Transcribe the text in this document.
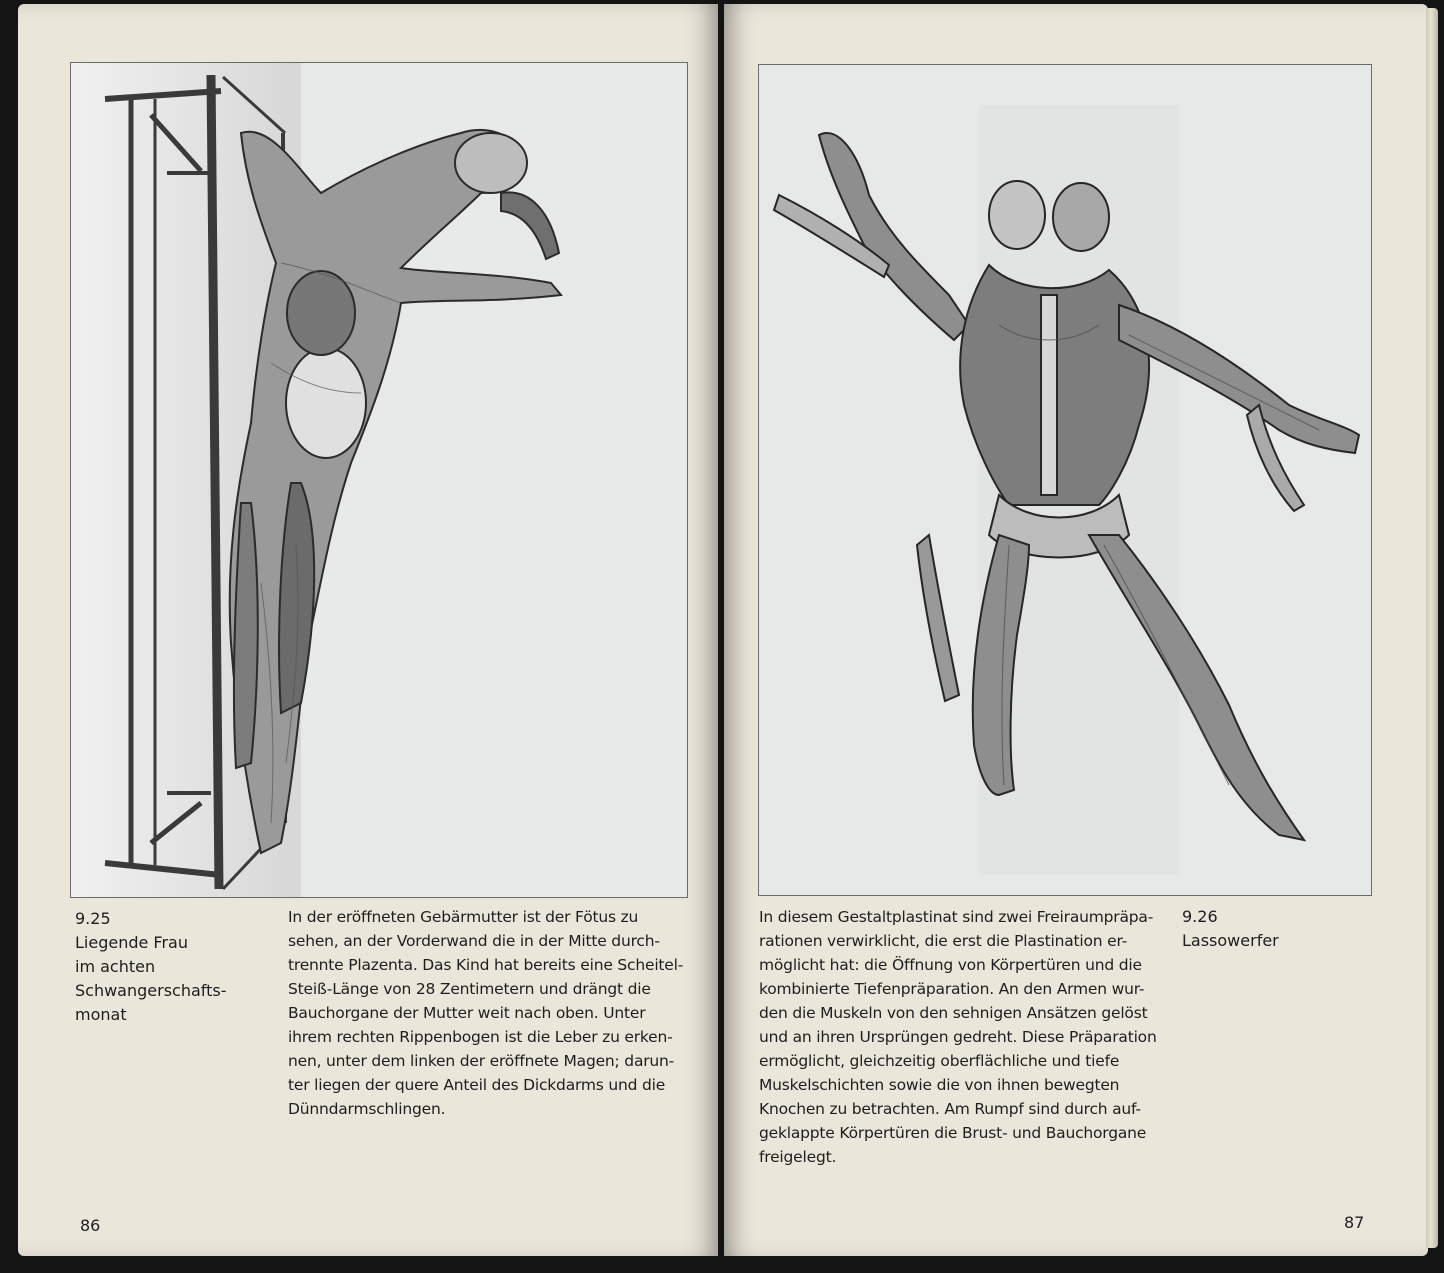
9.25
Liegende Frau
im achten
Schwangerschafts-
monat
In der eröffneten Gebärmutter ist der Fötus zu
sehen, an der Vorderwand die in der Mitte durch-
trennte Plazenta. Das Kind hat bereits eine Scheitel-
Steiß-Länge von 28 Zentimetern und drängt die
Bauchorgane der Mutter weit nach oben. Unter
ihrem rechten Rippenbogen ist die Leber zu erken-
nen, unter dem linken der eröffnete Magen; darun-
ter liegen der quere Anteil des Dickdarms und die
Dünndarmschlingen.
86
In diesem Gestaltplastinat sind zwei Freiraumpräpa-
rationen verwirklicht, die erst die Plastination er-
möglicht hat: die Öffnung von Körpertüren und die
kombinierte Tiefenpräparation. An den Armen wur-
den die Muskeln von den sehnigen Ansätzen gelöst
und an ihren Ursprüngen gedreht. Diese Präparation
ermöglicht, gleichzeitig oberflächliche und tiefe
Muskelschichten sowie die von ihnen bewegten
Knochen zu betrachten. Am Rumpf sind durch auf-
geklappte Körpertüren die Brust- und Bauchorgane
freigelegt.
9.26
Lassowerfer
87
